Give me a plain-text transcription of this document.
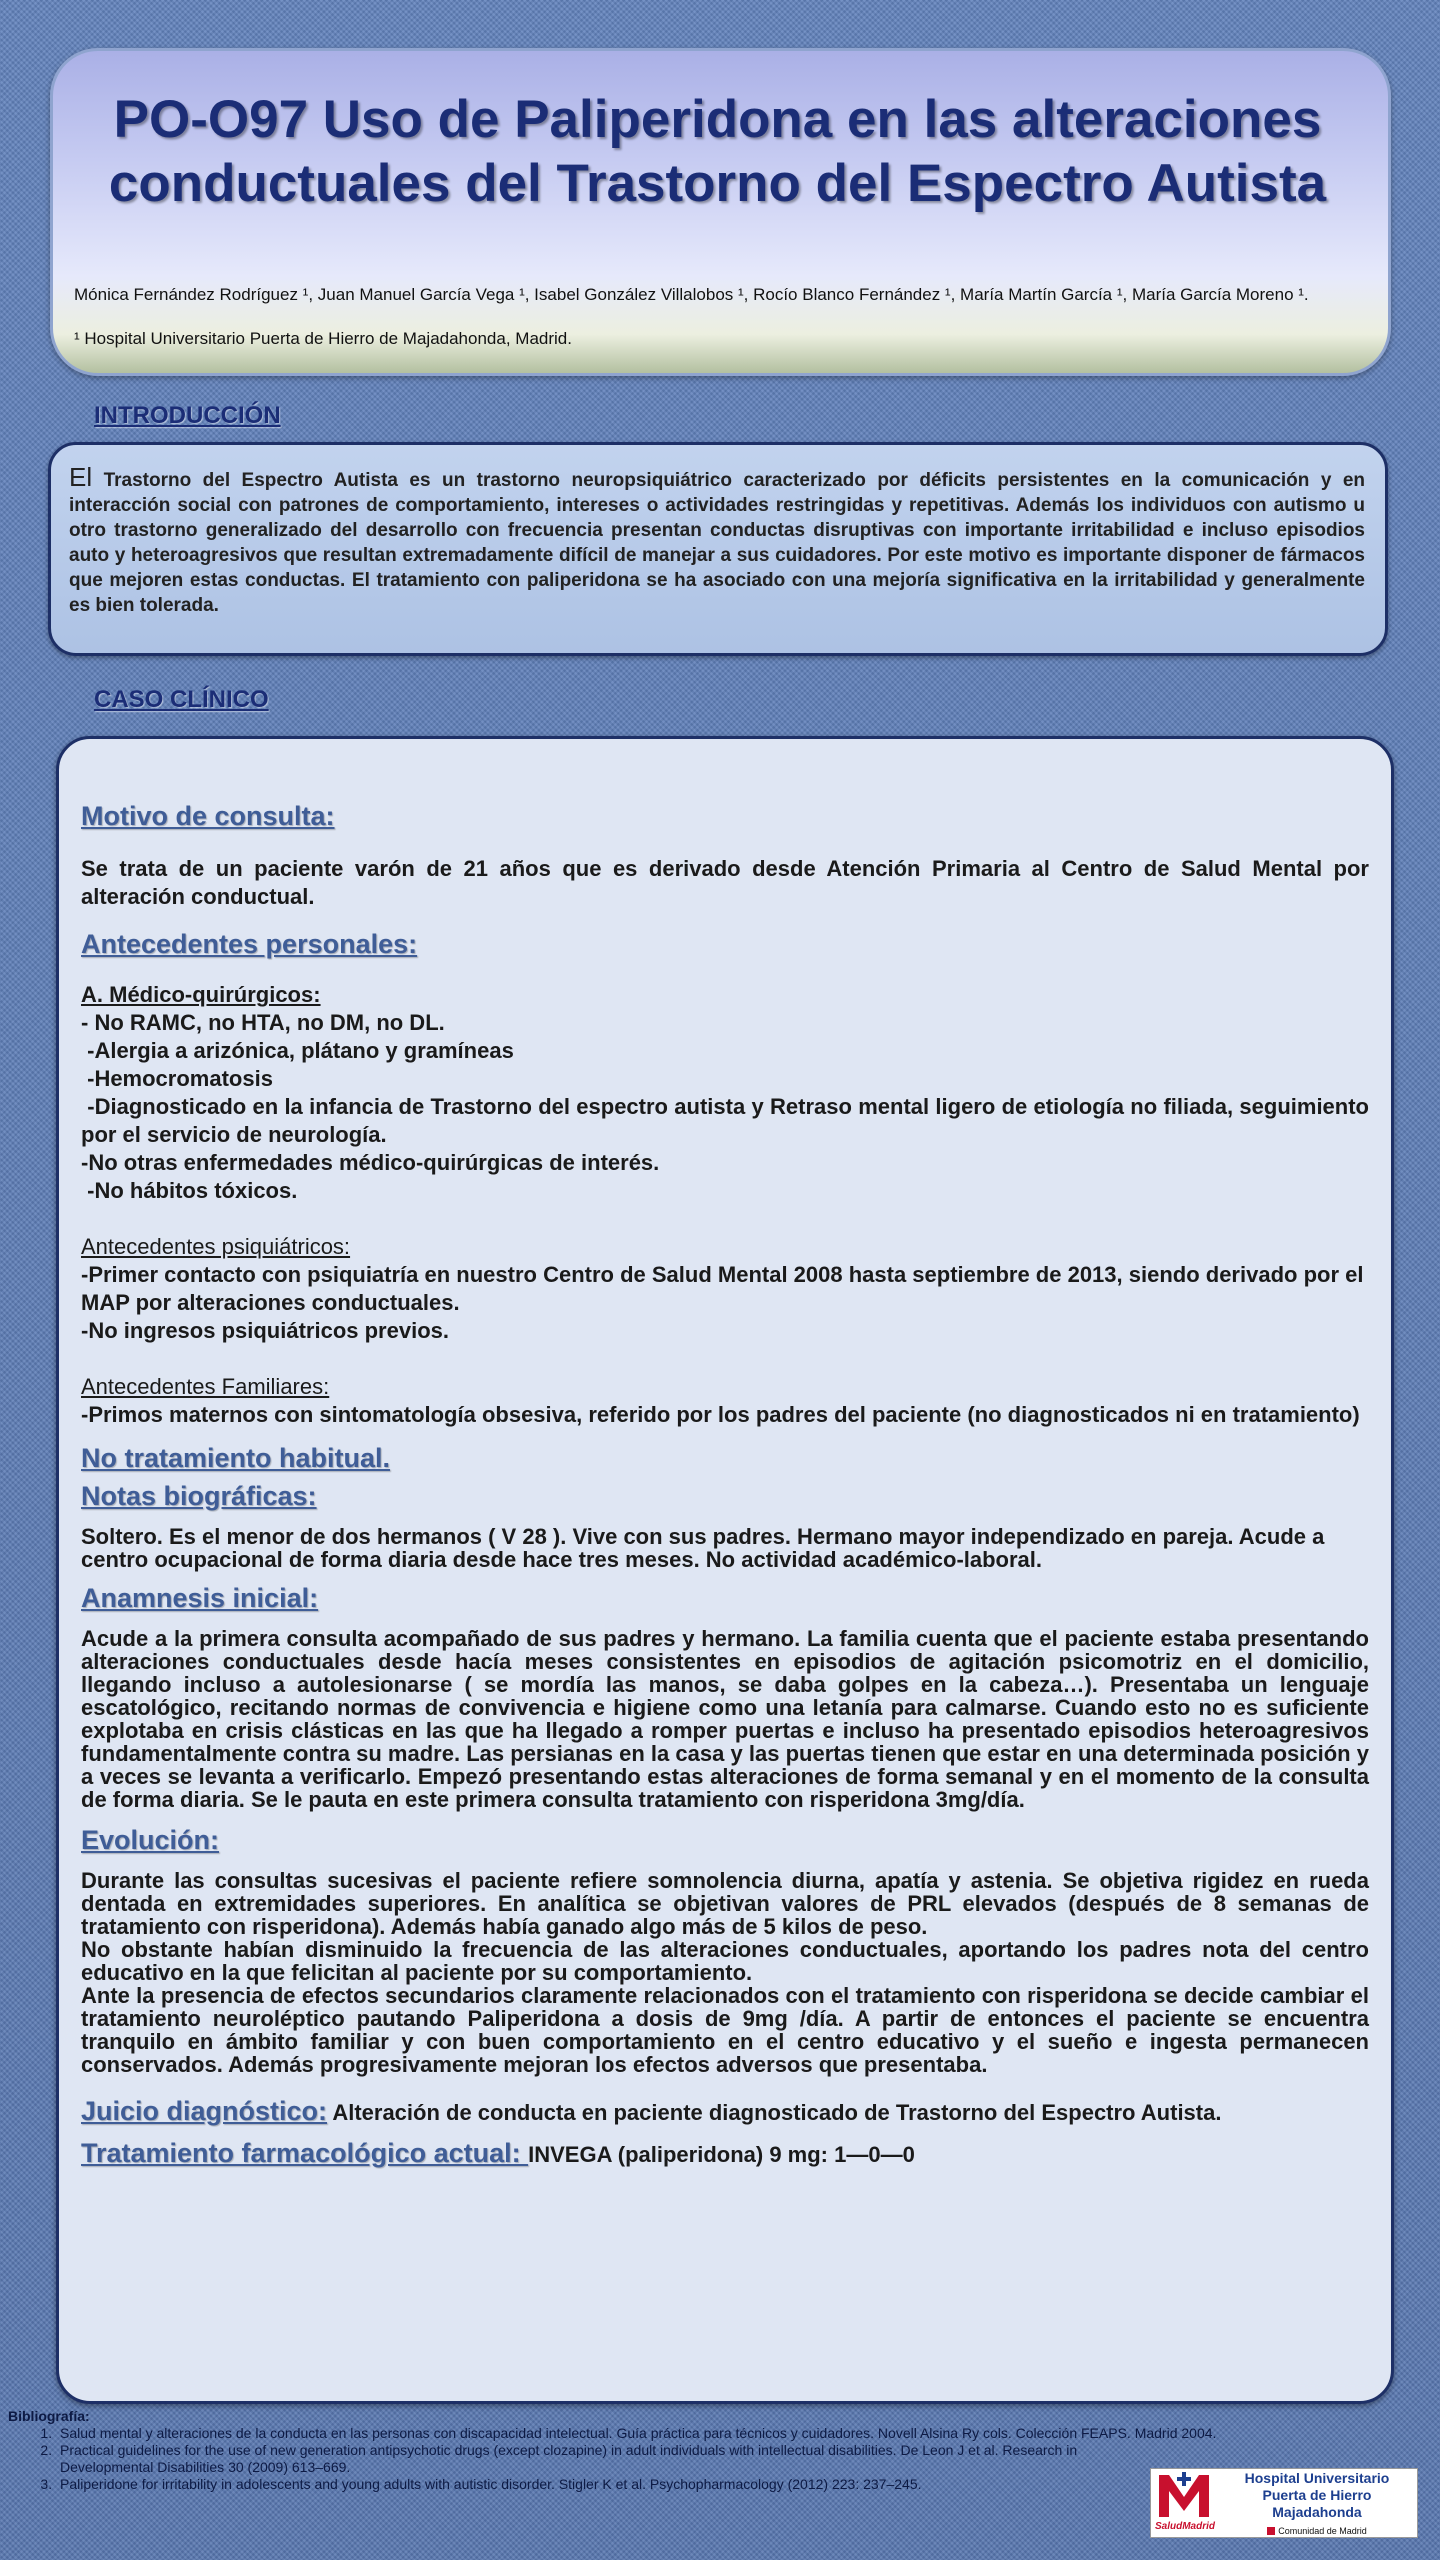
PO-O97 Uso de Paliperidona en las alteraciones conductuales del Trastorno del Espectro Autista

Mónica Fernández Rodríguez ¹, Juan Manuel García Vega ¹, Isabel González Villalobos ¹, Rocío Blanco Fernández ¹, María Martín García ¹, María García Moreno ¹.

¹ Hospital Universitario Puerta de Hierro de Majadahonda, Madrid.

INTRODUCCIÓN

El Trastorno del Espectro Autista es un trastorno neuropsiquiátrico caracterizado por déficits persistentes en la comunicación y en interacción social con patrones de comportamiento, intereses o actividades restringidas y repetitivas. Además los individuos con autismo u otro trastorno generalizado del desarrollo con frecuencia presentan conductas disruptivas con importante irritabilidad e incluso episodios auto y heteroagresivos que resultan extremadamente difícil de manejar a sus cuidadores. Por este motivo es importante disponer de fármacos que mejoren estas conductas. El tratamiento con paliperidona se ha asociado con una mejoría significativa en la irritabilidad y generalmente es bien tolerada.

CASO CLÍNICO
Motivo de consulta:

Se trata de un paciente varón de 21 años que es derivado desde Atención Primaria al Centro de Salud Mental por alteración conductual.

Antecedentes personales:

A. Médico-quirúrgicos:

- No RAMC, no HTA, no DM, no DL.

-Alergia a arizónica, plátano y gramíneas

-Hemocromatosis

-Diagnosticado en la infancia de Trastorno del espectro autista y Retraso mental ligero de etiología no filiada, seguimiento por el servicio de neurología.

-No otras enfermedades médico-quirúrgicas de interés.

-No hábitos tóxicos.

Antecedentes psiquiátricos:

-Primer contacto con psiquiatría en nuestro Centro de Salud Mental 2008 hasta septiembre de 2013, siendo derivado por el MAP por alteraciones conductuales.

-No ingresos psiquiátricos previos.

Antecedentes Familiares:

-Primos maternos con sintomatología obsesiva, referido por los padres del paciente (no diagnosticados ni en tratamiento)

No tratamiento habitual.
Notas biográficas:

Soltero. Es el menor de dos hermanos ( V 28 ). Vive con sus padres. Hermano mayor independizado en pareja. Acude a centro ocupacional de forma diaria desde hace tres meses. No actividad académico-laboral.

Anamnesis inicial:

Acude a la primera consulta acompañado de sus padres y hermano. La familia cuenta que el paciente estaba presentando alteraciones conductuales desde hacía meses consistentes en episodios de agitación psicomotriz en el domicilio, llegando incluso a autolesionarse ( se mordía las manos, se daba golpes en la cabeza…). Presentaba un lenguaje escatológico, recitando normas de convivencia e higiene como una letanía para calmarse. Cuando esto no es suficiente explotaba en crisis clásticas en las que ha llegado a romper puertas e incluso ha presentado episodios heteroagresivos fundamentalmente contra su madre. Las persianas en la casa y las puertas tienen que estar en una determinada posición y a veces se levanta a verificarlo. Empezó presentando estas alteraciones de forma semanal y en el momento de la consulta de forma diaria. Se le pauta en este primera consulta tratamiento con risperidona 3mg/día.

Evolución:

Durante las consultas sucesivas el paciente refiere somnolencia diurna, apatía y astenia. Se objetiva rigidez en rueda dentada en extremidades superiores. En analítica se objetivan valores de PRL elevados (después de 8 semanas de tratamiento con risperidona). Además había ganado algo más de 5 kilos de peso.

No obstante habían disminuido la frecuencia de las alteraciones conductuales, aportando los padres nota del centro educativo en la que felicitan al paciente por su comportamiento.

Ante la presencia de efectos secundarios claramente relacionados con el tratamiento con risperidona se decide cambiar el tratamiento neuroléptico pautando Paliperidona a dosis de 9mg /día. A partir de entonces el paciente se encuentra tranquilo en ámbito familiar y con buen comportamiento en el centro educativo y el sueño e ingesta permanecen conservados. Además progresivamente mejoran los efectos adversos que presentaba.

Juicio diagnóstico: Alteración de conducta en paciente diagnosticado de Trastorno del Espectro Autista.
Tratamiento farmacológico actual: INVEGA (paliperidona) 9 mg: 1—0—0
Bibliografía:
1. Salud mental y alteraciones de la conducta en las personas con discapacidad intelectual. Guía práctica para técnicos y cuidadores. Novell Alsina Ry cols. Colección FEAPS. Madrid 2004.
2. Practical guidelines for the use of new generation antipsychotic drugs (except clozapine) in adult individuals with intellectual disabilities. De Leon J et al. Research in Developmental Disabilities 30 (2009) 613–669.
3. Paliperidone for irritability in adolescents and young adults with autistic disorder. Stigler K et al. Psychopharmacology (2012) 223: 237–245.
SaludMadrid
Hospital Universitario
Puerta de Hierro Majadahonda
Comunidad de Madrid
